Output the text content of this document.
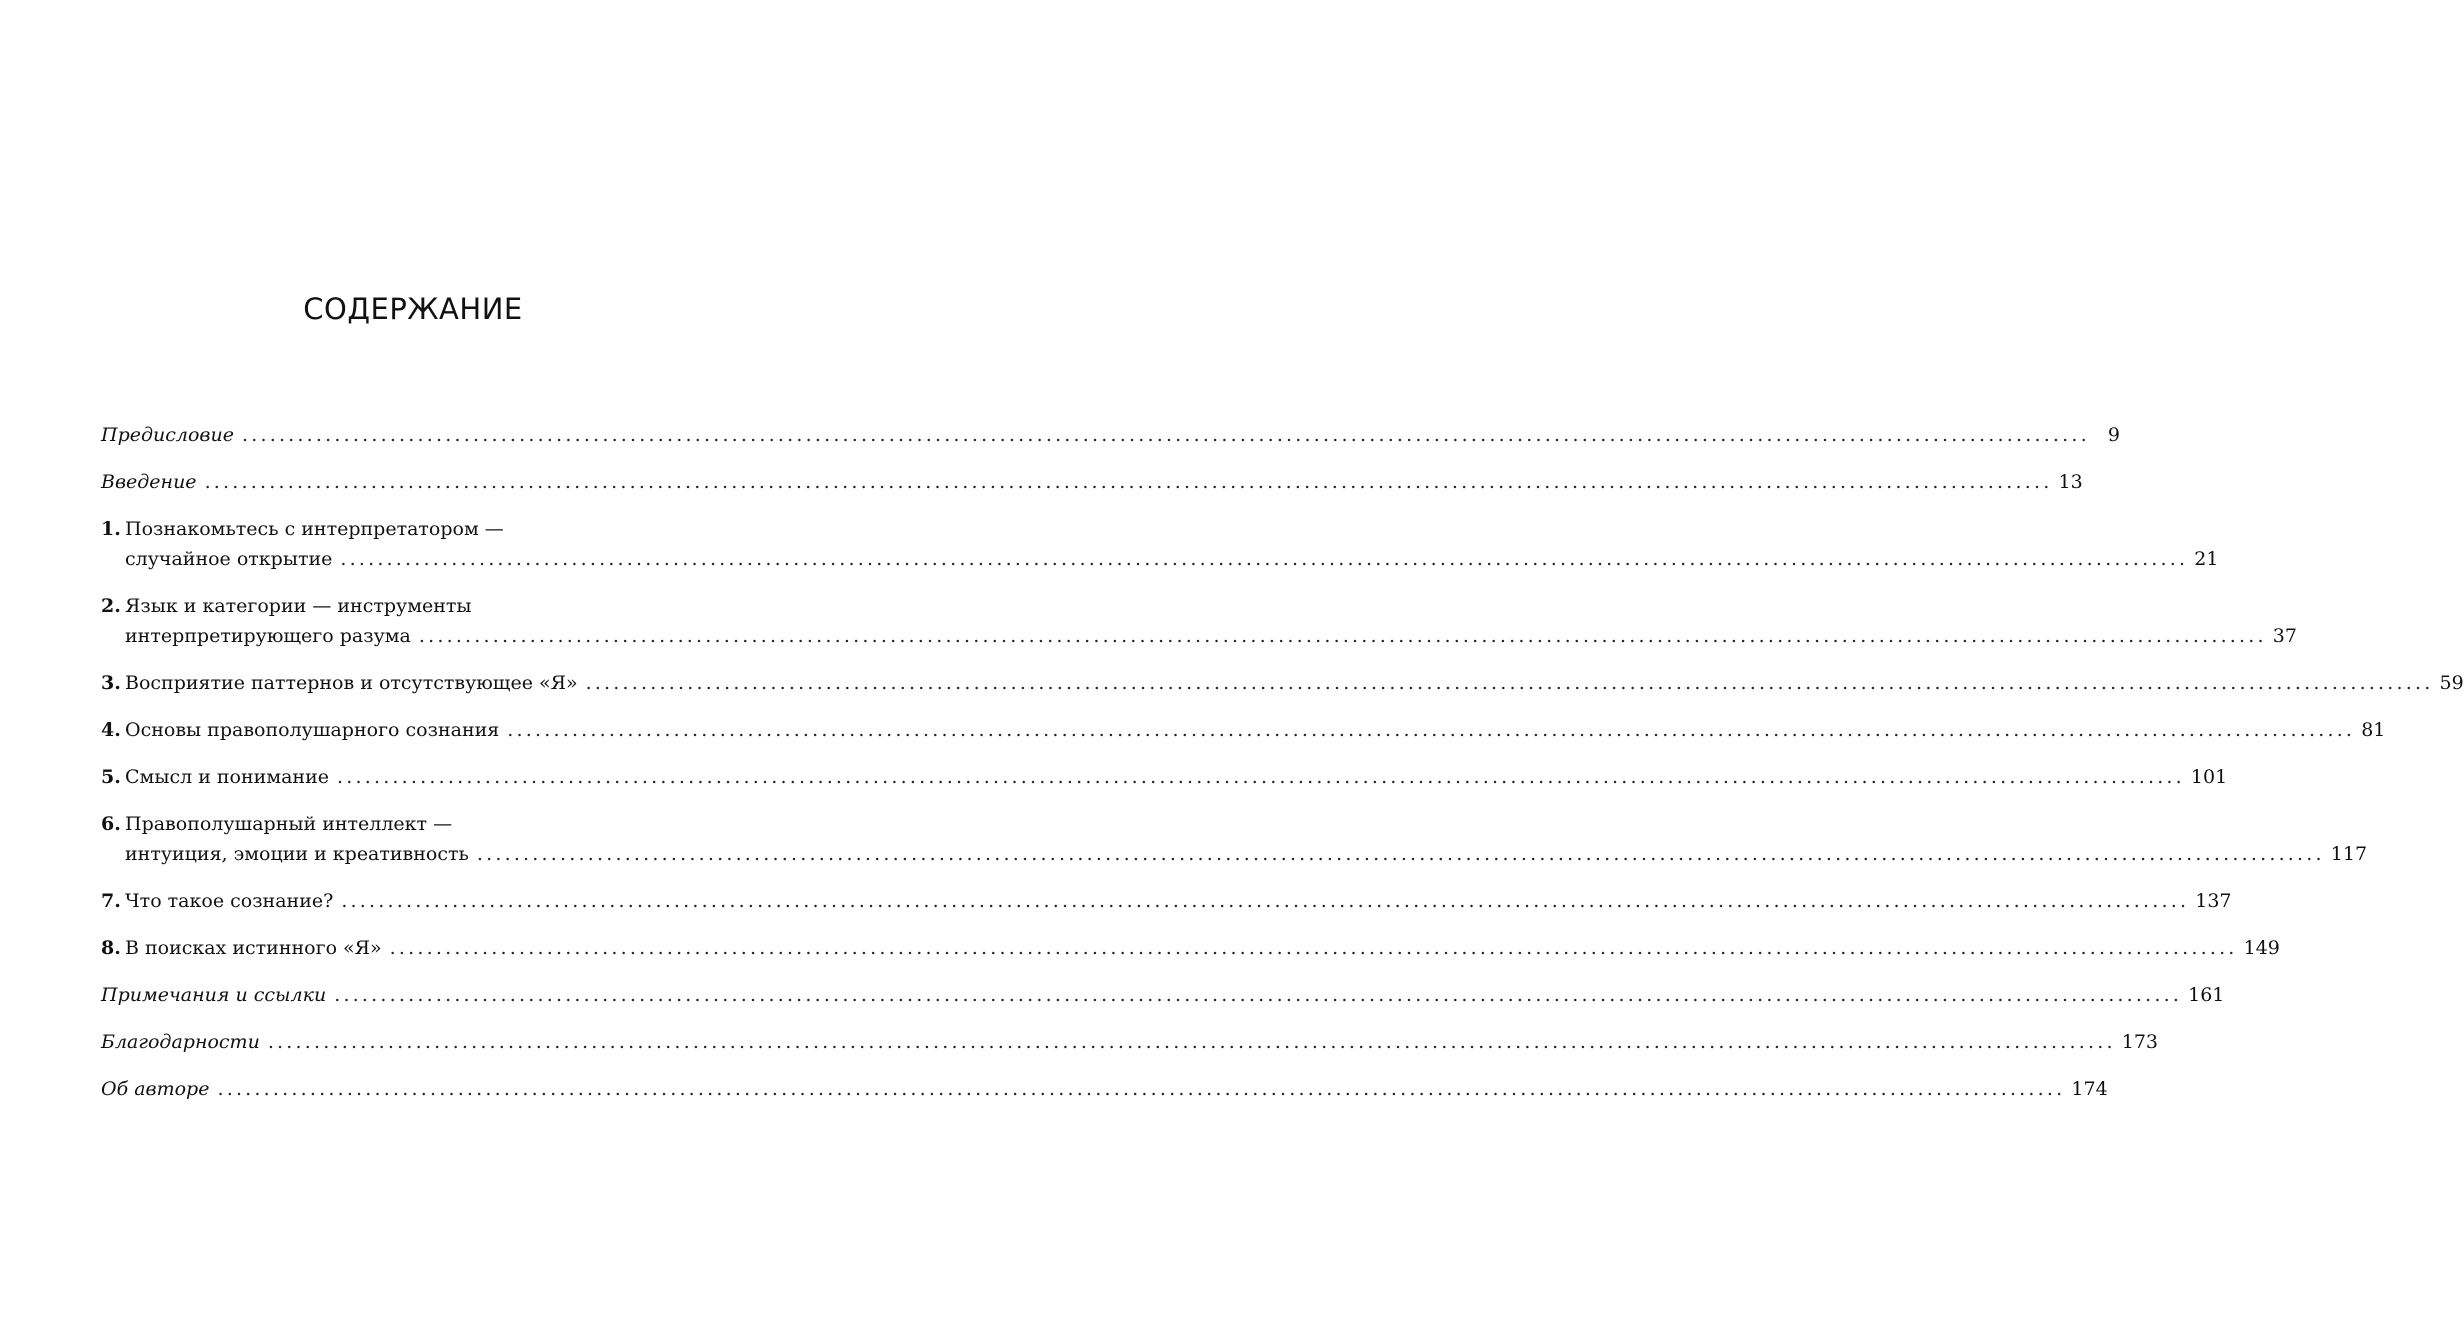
СОДЕРЖАНИЕ
Предисловие ........................................................................................................................................................................................................ 9
Введение ........................................................................................................................................................................................................ 13
1. Познакомьтесь с интерпретатором —
случайное открытие ........................................................................................................................................................................................................ 21
2. Язык и категории — инструменты
интерпретирующего разума ........................................................................................................................................................................................................ 37
3. Восприятие паттернов и отсутствующее «Я» ........................................................................................................................................................................................................ 59
4. Основы правополушарного сознания ........................................................................................................................................................................................................ 81
5. Смысл и понимание ........................................................................................................................................................................................................ 101
6. Правополушарный интеллект —
интуиция, эмоции и креативность ........................................................................................................................................................................................................ 117
7. Что такое сознание? ........................................................................................................................................................................................................ 137
8. В поисках истинного «Я» ........................................................................................................................................................................................................ 149
Примечания и ссылки ........................................................................................................................................................................................................ 161
Благодарности ........................................................................................................................................................................................................ 173
Об авторе ........................................................................................................................................................................................................ 174
